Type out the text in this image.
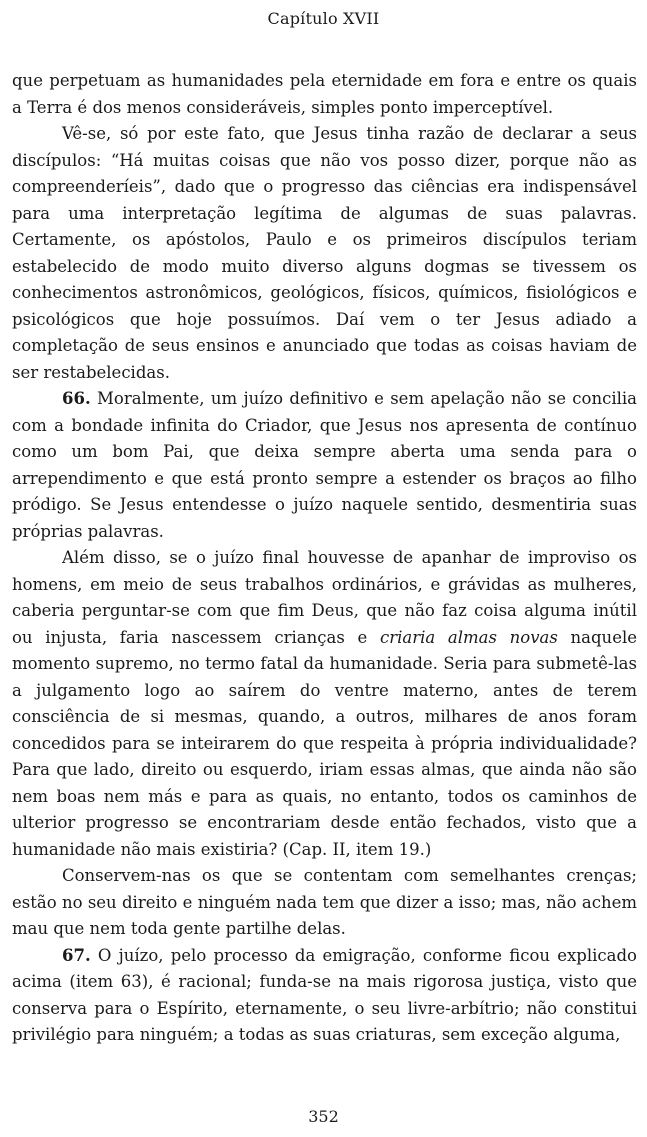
Capítulo XVII

que perpetuam as humanidades pela eternidade em fora e entre os quais a Terra é dos menos consideráveis, simples ponto imperceptível.

Vê-se, só por este fato, que Jesus tinha razão de declarar a seus discípulos: “Há muitas coisas que não vos posso dizer, porque não as compreenderíeis”, dado que o progresso das ciências era indispensável para uma interpretação legítima de algumas de suas palavras. Certamente, os apóstolos, Paulo e os primeiros discípulos teriam estabelecido de modo muito diverso alguns dogmas se tivessem os conhecimentos astronômicos, geológicos, físicos, químicos, fisiológicos e psicológicos que hoje possuímos. Daí vem o ter Jesus adiado a completação de seus ensinos e anunciado que todas as coisas haviam de ser restabelecidas.

66. Moralmente, um juízo definitivo e sem apelação não se concilia com a bondade infinita do Criador, que Jesus nos apresenta de contínuo como um bom Pai, que deixa sempre aberta uma senda para o arrependimento e que está pronto sempre a estender os braços ao filho pródigo. Se Jesus entendesse o juízo naquele sentido, desmentiria suas próprias palavras.

Além disso, se o juízo final houvesse de apanhar de improviso os homens, em meio de seus trabalhos ordinários, e grávidas as mulheres, caberia perguntar-se com que fim Deus, que não faz coisa alguma inútil ou injusta, faria nascessem crianças e criaria almas novas naquele momento supremo, no termo fatal da humanidade. Seria para submetê-las a julgamento logo ao saírem do ventre materno, antes de terem consciência de si mesmas, quando, a outros, milhares de anos foram concedidos para se inteirarem do que respeita à própria individualidade? Para que lado, direito ou esquerdo, iriam essas almas, que ainda não são nem boas nem más e para as quais, no entanto, todos os caminhos de ulterior progresso se encontrariam desde então fechados, visto que a humanidade não mais existiria? (Cap. II, item 19.)

Conservem-nas os que se contentam com semelhantes crenças; estão no seu direito e ninguém nada tem que dizer a isso; mas, não achem mau que nem toda gente partilhe delas.

67. O juízo, pelo processo da emigração, conforme ficou explicado acima (item 63), é racional; funda-se na mais rigorosa justiça, visto que conserva para o Espírito, eternamente, o seu livre-arbítrio; não constitui privilégio para ninguém; a todas as suas criaturas, sem exceção alguma,

352
